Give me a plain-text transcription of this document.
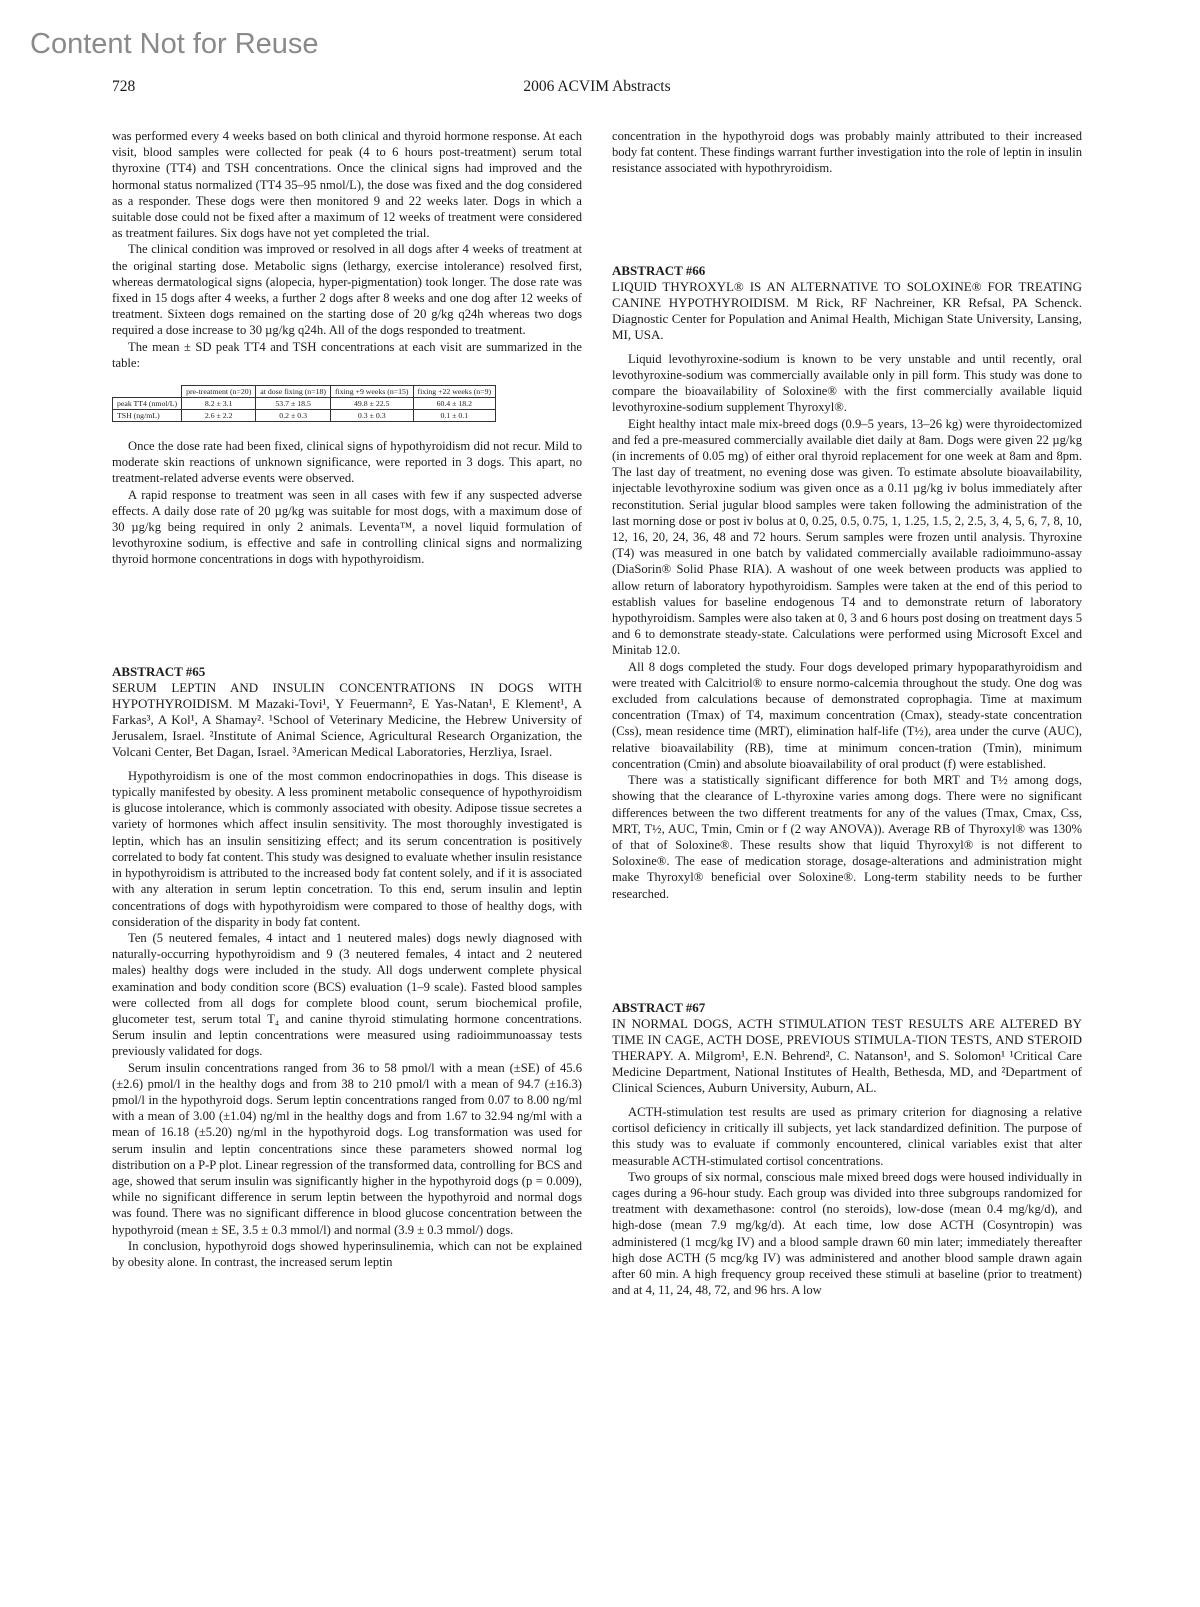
Content Not for Reuse
728	2006 ACVIM Abstracts

was performed every 4 weeks based on both clinical and thyroid hormone response. At each visit, blood samples were collected for peak (4 to 6 hours post-treatment) serum total thyroxine (TT4) and TSH concentrations. Once the clinical signs had improved and the hormonal status normalized (TT4 35–95 nmol/L), the dose was fixed and the dog considered as a responder. These dogs were then monitored 9 and 22 weeks later. Dogs in which a suitable dose could not be fixed after a maximum of 12 weeks of treatment were considered as treatment failures. Six dogs have not yet completed the trial.

The clinical condition was improved or resolved in all dogs after 4 weeks of treatment at the original starting dose. Metabolic signs (lethargy, exercise intolerance) resolved first, whereas dermatological signs (alopecia, hyper-pigmentation) took longer. The dose rate was fixed in 15 dogs after 4 weeks, a further 2 dogs after 8 weeks and one dog after 12 weeks of treatment. Sixteen dogs remained on the starting dose of 20 g/kg q24h whereas two dogs required a dose increase to 30 µg/kg q24h. All of the dogs responded to treatment.

The mean ± SD peak TT4 and TSH concentrations at each visit are summarized in the table:

	pre-treatment (n=20)	at dose fixing (n=18)	fixing +9 weeks (n=15)	fixing +22 weeks (n=9)
peak TT4 (nmol/L)	8.2 ± 3.1	53.7 ± 18.5	49.8 ± 22.5	60.4 ± 18.2
TSH (ng/mL)	2.6 ± 2.2	0.2 ± 0.3	0.3 ± 0.3	0.1 ± 0.1

Once the dose rate had been fixed, clinical signs of hypothyroidism did not recur. Mild to moderate skin reactions of unknown significance, were reported in 3 dogs. This apart, no treatment-related adverse events were observed.

A rapid response to treatment was seen in all cases with few if any suspected adverse effects. A daily dose rate of 20 µg/kg was suitable for most dogs, with a maximum dose of 30 µg/kg being required in only 2 animals. Leventa™, a novel liquid formulation of levothyroxine sodium, is effective and safe in controlling clinical signs and normalizing thyroid hormone concentrations in dogs with hypothyroidism.

ABSTRACT #65

SERUM LEPTIN AND INSULIN CONCENTRATIONS IN DOGS WITH HYPOTHYROIDISM. M Mazaki-Tovi¹, Y Feuermann², E Yas-Natan¹, E Klement¹, A Farkas³, A Kol¹, A Shamay². ¹School of Veterinary Medicine, the Hebrew University of Jerusalem, Israel. ²Institute of Animal Science, Agricultural Research Organization, the Volcani Center, Bet Dagan, Israel. ³American Medical Laboratories, Herzliya, Israel.

Hypothyroidism is one of the most common endocrinopathies in dogs. This disease is typically manifested by obesity. A less prominent metabolic consequence of hypothyroidism is glucose intolerance, which is commonly associated with obesity. Adipose tissue secretes a variety of hormones which affect insulin sensitivity. The most thoroughly investigated is leptin, which has an insulin sensitizing effect; and its serum concentration is positively correlated to body fat content. This study was designed to evaluate whether insulin resistance in hypothyroidism is attributed to the increased body fat content solely, and if it is associated with any alteration in serum leptin concetration. To this end, serum insulin and leptin concentrations of dogs with hypothyroidism were compared to those of healthy dogs, with consideration of the disparity in body fat content.

Ten (5 neutered females, 4 intact and 1 neutered males) dogs newly diagnosed with naturally-occurring hypothyroidism and 9 (3 neutered females, 4 intact and 2 neutered males) healthy dogs were included in the study. All dogs underwent complete physical examination and body condition score (BCS) evaluation (1–9 scale). Fasted blood samples were collected from all dogs for complete blood count, serum biochemical profile, glucometer test, serum total T₄ and canine thyroid stimulating hormone concentrations. Serum insulin and leptin concentrations were measured using radioimmunoassay tests previously validated for dogs.

Serum insulin concentrations ranged from 36 to 58 pmol/l with a mean (±SE) of 45.6 (±2.6) pmol/l in the healthy dogs and from 38 to 210 pmol/l with a mean of 94.7 (±16.3) pmol/l in the hypothyroid dogs. Serum leptin concentrations ranged from 0.07 to 8.00 ng/ml with a mean of 3.00 (±1.04) ng/ml in the healthy dogs and from 1.67 to 32.94 ng/ml with a mean of 16.18 (±5.20) ng/ml in the hypothyroid dogs. Log transformation was used for serum insulin and leptin concentrations since these parameters showed normal log distribution on a P-P plot. Linear regression of the transformed data, controlling for BCS and age, showed that serum insulin was significantly higher in the hypothyroid dogs (p = 0.009), while no significant difference in serum leptin between the hypothyroid and normal dogs was found. There was no significant difference in blood glucose concentration between the hypothyroid (mean ± SE, 3.5 ± 0.3 mmol/l) and normal (3.9 ± 0.3 mmol/) dogs.

In conclusion, hypothyroid dogs showed hyperinsulinemia, which can not be explained by obesity alone. In contrast, the increased serum leptin

concentration in the hypothyroid dogs was probably mainly attributed to their increased body fat content. These findings warrant further investigation into the role of leptin in insulin resistance associated with hypothryroidism.

ABSTRACT #66

LIQUID THYROXYL® IS AN ALTERNATIVE TO SOLOXINE® FOR TREATING CANINE HYPOTHYROIDISM. M Rick, RF Nachreiner, KR Refsal, PA Schenck. Diagnostic Center for Population and Animal Health, Michigan State University, Lansing, MI, USA.

Liquid levothyroxine-sodium is known to be very unstable and until recently, oral levothyroxine-sodium was commercially available only in pill form. This study was done to compare the bioavailability of Soloxine® with the first commercially available liquid levothyroxine-sodium supplement Thyroxyl®.

Eight healthy intact male mix-breed dogs (0.9–5 years, 13–26 kg) were thyroidectomized and fed a pre-measured commercially available diet daily at 8am. Dogs were given 22 µg/kg (in increments of 0.05 mg) of either oral thyroid replacement for one week at 8am and 8pm. The last day of treatment, no evening dose was given. To estimate absolute bioavailability, injectable levothyroxine sodium was given once as a 0.11 µg/kg iv bolus immediately after reconstitution. Serial jugular blood samples were taken following the administration of the last morning dose or post iv bolus at 0, 0.25, 0.5, 0.75, 1, 1.25, 1.5, 2, 2.5, 3, 4, 5, 6, 7, 8, 10, 12, 16, 20, 24, 36, 48 and 72 hours. Serum samples were frozen until analysis. Thyroxine (T4) was measured in one batch by validated commercially available radioimmuno-assay (DiaSorin® Solid Phase RIA). A washout of one week between products was applied to allow return of laboratory hypothyroidism. Samples were taken at the end of this period to establish values for baseline endogenous T4 and to demonstrate return of laboratory hypothyroidism. Samples were also taken at 0, 3 and 6 hours post dosing on treatment days 5 and 6 to demonstrate steady-state. Calculations were performed using Microsoft Excel and Minitab 12.0.

All 8 dogs completed the study. Four dogs developed primary hypoparathyroidism and were treated with Calcitriol® to ensure normo-calcemia throughout the study. One dog was excluded from calculations because of demonstrated coprophagia. Time at maximum concentration (Tmax) of T4, maximum concentration (Cmax), steady-state concentration (Css), mean residence time (MRT), elimination half-life (T½), area under the curve (AUC), relative bioavailability (RB), time at minimum concen-tration (Tmin), minimum concentration (Cmin) and absolute bioavailability of oral product (f) were established.

There was a statistically significant difference for both MRT and T½ among dogs, showing that the clearance of L-thyroxine varies among dogs. There were no significant differences between the two different treatments for any of the values (Tmax, Cmax, Css, MRT, T½, AUC, Tmin, Cmin or f (2 way ANOVA)). Average RB of Thyroxyl® was 130% of that of Soloxine®. These results show that liquid Thyroxyl® is not different to Soloxine®. The ease of medication storage, dosage-alterations and administration might make Thyroxyl® beneficial over Soloxine®. Long-term stability needs to be further researched.

ABSTRACT #67

IN NORMAL DOGS, ACTH STIMULATION TEST RESULTS ARE ALTERED BY TIME IN CAGE, ACTH DOSE, PREVIOUS STIMULA-TION TESTS, AND STEROID THERAPY. A. Milgrom¹, E.N. Behrend², C. Natanson¹, and S. Solomon¹ ¹Critical Care Medicine Department, National Institutes of Health, Bethesda, MD, and ²Department of Clinical Sciences, Auburn University, Auburn, AL.

ACTH-stimulation test results are used as primary criterion for diagnosing a relative cortisol deficiency in critically ill subjects, yet lack standardized definition. The purpose of this study was to evaluate if commonly encountered, clinical variables exist that alter measurable ACTH-stimulated cortisol concentrations.

Two groups of six normal, conscious male mixed breed dogs were housed individually in cages during a 96-hour study. Each group was divided into three subgroups randomized for treatment with dexamethasone: control (no steroids), low-dose (mean 0.4 mg/kg/d), and high-dose (mean 7.9 mg/kg/d). At each time, low dose ACTH (Cosyntropin) was administered (1 mcg/kg IV) and a blood sample drawn 60 min later; immediately thereafter high dose ACTH (5 mcg/kg IV) was administered and another blood sample drawn again after 60 min. A high frequency group received these stimuli at baseline (prior to treatment) and at 4, 11, 24, 48, 72, and 96 hrs. A low
